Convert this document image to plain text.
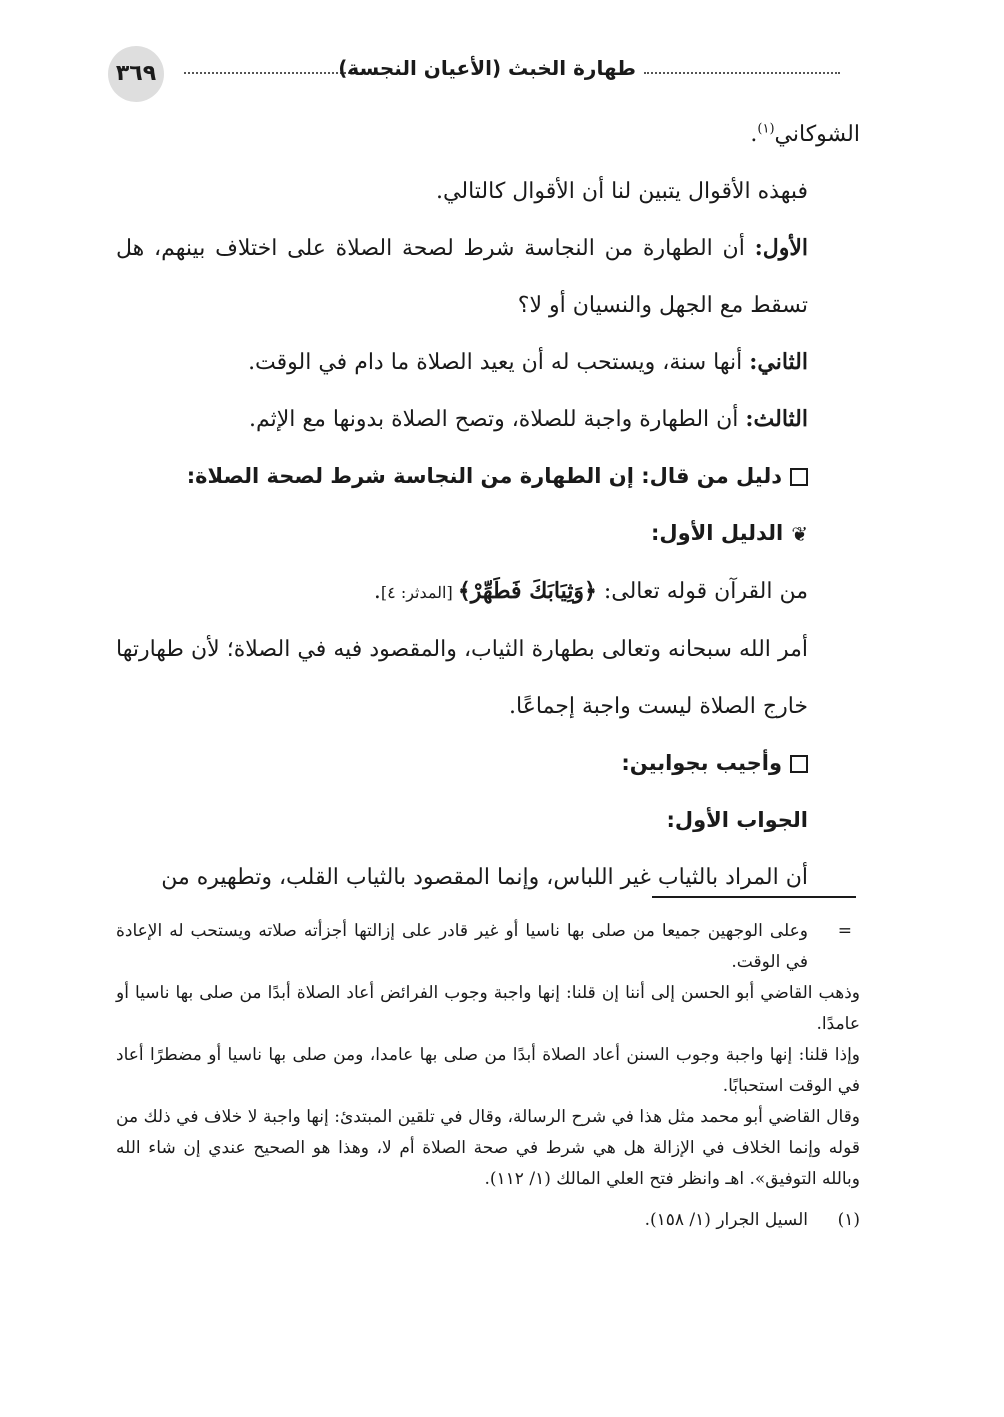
٣٦٩	طهارة الخبث (الأعيان النجسة)

الشوكاني$^{(١)}$.

فبهذه الأقوال يتبين لنا أن الأقوال كالتالي.

الأول: أن الطهارة من النجاسة شرط لصحة الصلاة على اختلاف بينهم، هل تسقط مع الجهل والنسيان أو لا؟

الثاني: أنها سنة، ويستحب له أن يعيد الصلاة ما دام في الوقت.

الثالث: أن الطهارة واجبة للصلاة، وتصح الصلاة بدونها مع الإثم.

دليل من قال: إن الطهارة من النجاسة شرط لصحة الصلاة:

❦الدليل الأول:

من القرآن قوله تعالى: ﴿وَثِيَابَكَ فَطَهِّرْ﴾ [المدثر: ٤].

أمر الله سبحانه وتعالى بطهارة الثياب، والمقصود فيه في الصلاة؛ لأن طهارتها خارج الصلاة ليست واجبة إجماعًا.

وأجيب بجوابين:

الجواب الأول:

أن المراد بالثياب غير اللباس، وإنما المقصود بالثياب القلب، وتطهيره من

=
وعلى الوجهين جميعا من صلى بها ناسيا أو غير قادر على إزالتها أجزأته صلاته ويستحب له الإعادة في الوقت.

وذهب القاضي أبو الحسن إلى أننا إن قلنا: إنها واجبة وجوب الفرائض أعاد الصلاة أبدًا من صلى بها ناسيا أو عامدًا.

وإذا قلنا: إنها واجبة وجوب السنن أعاد الصلاة أبدًا من صلى بها عامدا، ومن صلى بها ناسيا أو مضطرًا أعاد في الوقت استحبابًا.

وقال القاضي أبو محمد مثل هذا في شرح الرسالة، وقال في تلقين المبتدئ: إنها واجبة لا خلاف في ذلك من قوله وإنما الخلاف في الإزالة هل هي شرط في صحة الصلاة أم لا، وهذا هو الصحيح عندي إن شاء الله وبالله التوفيق». اهـ وانظر فتح العلي المالك (١/ ١١٢).

(١)السيل الجرار (١/ ١٥٨).
